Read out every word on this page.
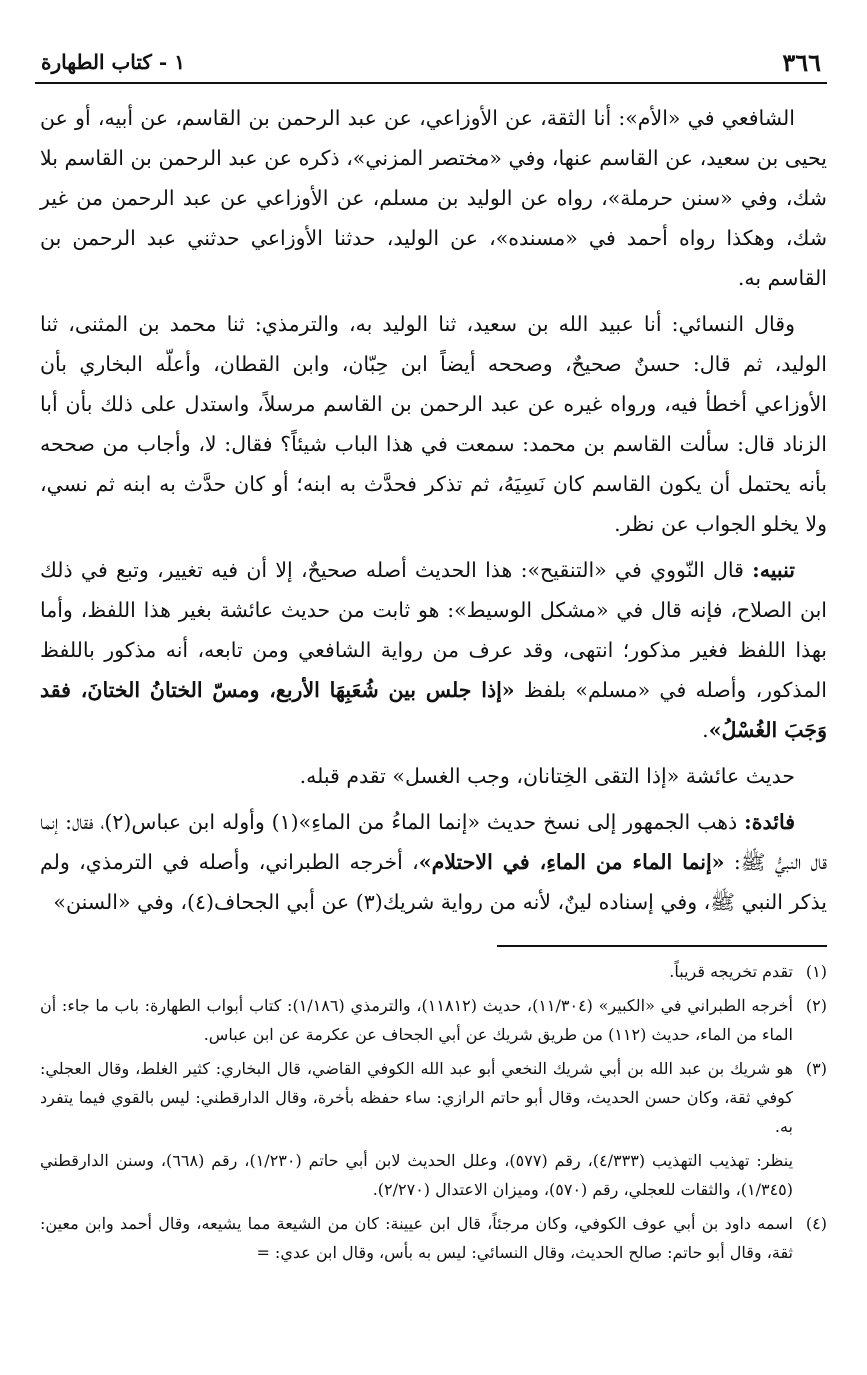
٣٦٦
١ - كتاب الطهارة

الشافعي في «الأم»: أنا الثقة، عن الأوزاعي، عن عبد الرحمن بن القاسم، عن أبيه، أو عن يحيى بن سعيد، عن القاسم عنها، وفي «مختصر المزني»، ذكره عن عبد الرحمن بن القاسم بلا شك، وفي «سنن حرملة»، رواه عن الوليد بن مسلم، عن الأوزاعي عن عبد الرحمن من غير شك، وهكذا رواه أحمد في «مسنده»، عن الوليد، حدثنا الأوزاعي حدثني عبد الرحمن بن القاسم به.

وقال النسائي: أنا عبيد الله بن سعيد، ثنا الوليد به، والترمذي: ثنا محمد بن المثنى، ثنا الوليد، ثم قال: حسنٌ صحيحٌ، وصححه أيضاً ابن حِبّان، وابن القطان، وأعلّه البخاري بأن الأوزاعي أخطأ فيه، ورواه غيره عن عبد الرحمن بن القاسم مرسلاً، واستدل على ذلك بأن أبا الزناد قال: سألت القاسم بن محمد: سمعت في هذا الباب شيئاً؟ فقال: لا، وأجاب من صححه بأنه يحتمل أن يكون القاسم كان نَسِيَهُ، ثم تذكر فحدَّث به ابنه؛ أو كان حدَّث به ابنه ثم نسي، ولا يخلو الجواب عن نظر.

تنبيه: قال النّووي في «التنقيح»: هذا الحديث أصله صحيحٌ، إلا أن فيه تغيير، وتبع في ذلك ابن الصلاح، فإنه قال في «مشكل الوسيط»: هو ثابت من حديث عائشة بغير هذا اللفظ، وأما بهذا اللفظ فغير مذكور؛ انتهى، وقد عرف من رواية الشافعي ومن تابعه، أنه مذكور باللفظ المذكور، وأصله في «مسلم» بلفظ «إذا جلس بين شُعَبِهَا الأربع، ومسّ الختانُ الختانَ، فقد وَجَبَ الغُسْلُ».

حديث عائشة «إذا التقى الخِتانان، وجب الغسل» تقدم قبله.

فائدة: ذهب الجمهور إلى نسخ حديث «إنما الماءُ من الماءِ»(١) وأوله ابن عباس(٢)، فقال: إنما قال النبيُّ ﷺ: «إنما الماء من الماءِ، في الاحتلام»، أخرجه الطبراني، وأصله في الترمذي، ولم يذكر النبي ﷺ، وفي إسناده لينٌ، لأنه من رواية شريك(٣) عن أبي الجحاف(٤)، وفي «السنن»

(١)
تقدم تخريجه قريباً.
(٢)
أخرجه الطبراني في «الكبير» (١١/٣٠٤)، حديث (١١٨١٢)، والترمذي (١/١٨٦): كتاب أبواب الطهارة: باب ما جاء: أن الماء من الماء، حديث (١١٢) من طريق شريك عن أبي الجحاف عن عكرمة عن ابن عباس.
(٣)
هو شريك بن عبد الله بن أبي شريك النخعي أبو عبد الله الكوفي القاضي، قال البخاري: كثير الغلط، وقال العجلي: كوفي ثقة، وكان حسن الحديث، وقال أبو حاتم الرازي: ساء حفظه بأخرة، وقال الدارقطني: ليس بالقوي فيما يتفرد به.
ينظر: تهذيب التهذيب (٤/٣٣٣)، رقم (٥٧٧)، وعلل الحديث لابن أبي حاتم (١/٢٣٠)، رقم (٦٦٨)، وسنن الدارقطني (١/٣٤٥)، والثقات للعجلي، رقم (٥٧٠)، وميزان الاعتدال (٢/٢٧٠).
(٤)
اسمه داود بن أبي عوف الكوفي، وكان مرجئاً، قال ابن عيينة: كان من الشيعة مما يشيعه، وقال أحمد وابن معين: ثقة، وقال أبو حاتم: صالح الحديث، وقال النسائي: ليس به بأس، وقال ابن عدي: =
